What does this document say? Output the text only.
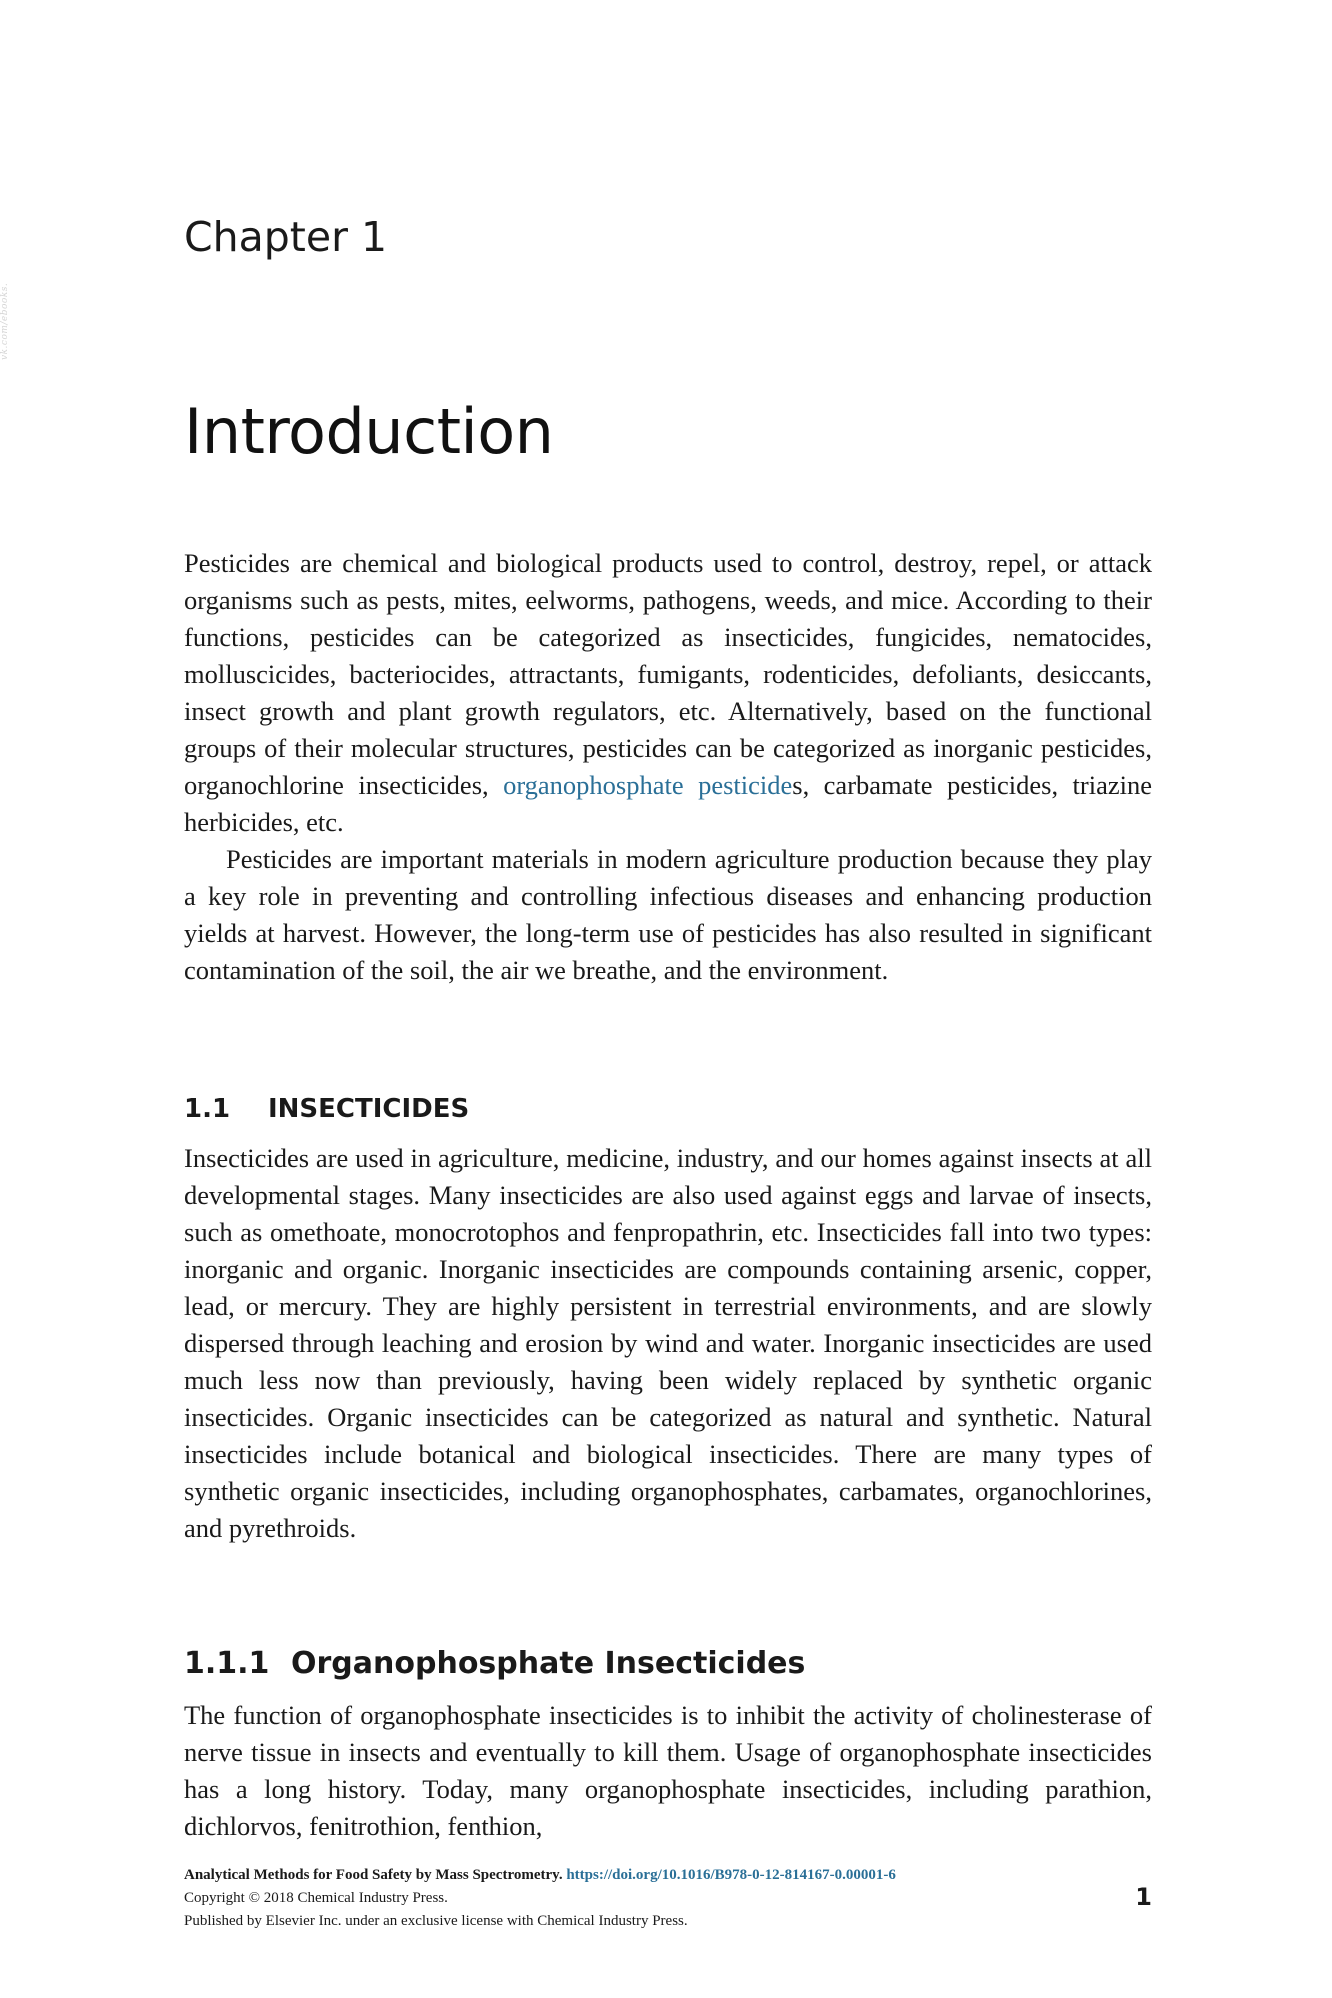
vk.com/ebooks.
Chapter 1
Introduction

Pesticides are chemical and biological products used to control, destroy, repel, or attack organisms such as pests, mites, eelworms, pathogens, weeds, and mice. According to their functions, pesticides can be categorized as insecticides, fungicides, nematocides, molluscicides, bacteriocides, attractants, fumigants, rodenticides, defoliants, desiccants, insect growth and plant growth regulators, etc. Alternatively, based on the functional groups of their molecular structures, pesticides can be categorized as inorganic pesticides, organochlorine insecticides, organophosphate pesticides, carbamate pesticides, triazine herbicides, etc.

Pesticides are important materials in modern agriculture production because they play a key role in preventing and controlling infectious diseases and enhancing production yields at harvest. However, the long-term use of pesticides has also resulted in significant contamination of the soil, the air we breathe, and the environment.

1.1 INSECTICIDES

Insecticides are used in agriculture, medicine, industry, and our homes against insects at all developmental stages. Many insecticides are also used against eggs and larvae of insects, such as omethoate, monocrotophos and fenpropathrin, etc. Insecticides fall into two types: inorganic and organic. Inorganic insecticides are compounds containing arsenic, copper, lead, or mercury. They are highly persistent in terrestrial environments, and are slowly dispersed through leaching and erosion by wind and water. Inorganic insecticides are used much less now than previously, having been widely replaced by synthetic organic insecticides. Organic insecticides can be categorized as natural and synthetic. Natural insecticides include botanical and biological insecticides. There are many types of synthetic organic insecticides, including organophosphates, carbamates, organochlorines, and pyrethroids.

1.1.1 Organophosphate Insecticides

The function of organophosphate insecticides is to inhibit the activity of cholinesterase of nerve tissue in insects and eventually to kill them. Usage of organophosphate insecticides has a long history. Today, many organophosphate insecticides, including parathion, dichlorvos, fenitrothion, fenthion,

Analytical Methods for Food Safety by Mass Spectrometry. https://doi.org/10.1016/B978-0-12-814167-0.00001-6
Copyright © 2018 Chemical Industry Press.
Published by Elsevier Inc. under an exclusive license with Chemical Industry Press.
1
